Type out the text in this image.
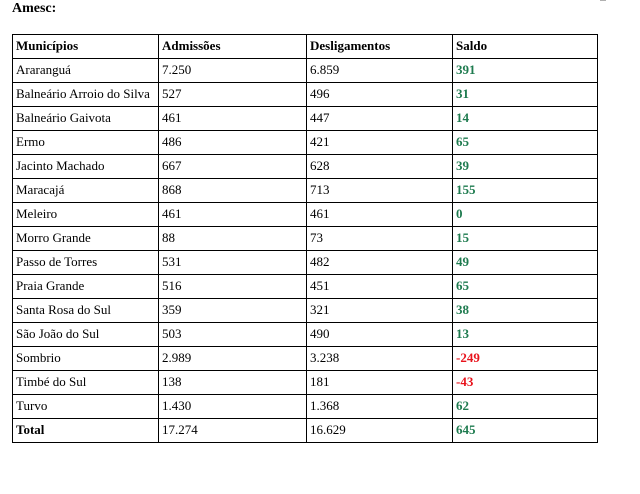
Amesc:
Municípios	Admissões	Desligamentos	Saldo
Araranguá	7.250	6.859	391
Balneário Arroio do Silva	527	496	31
Balneário Gaivota	461	447	14
Ermo	486	421	65
Jacinto Machado	667	628	39
Maracajá	868	713	155
Meleiro	461	461	0
Morro Grande	88	73	15
Passo de Torres	531	482	49
Praia Grande	516	451	65
Santa Rosa do Sul	359	321	38
São João do Sul	503	490	13
Sombrio	2.989	3.238	-249
Timbé do Sul	138	181	-43
Turvo	1.430	1.368	62
Total	17.274	16.629	645
